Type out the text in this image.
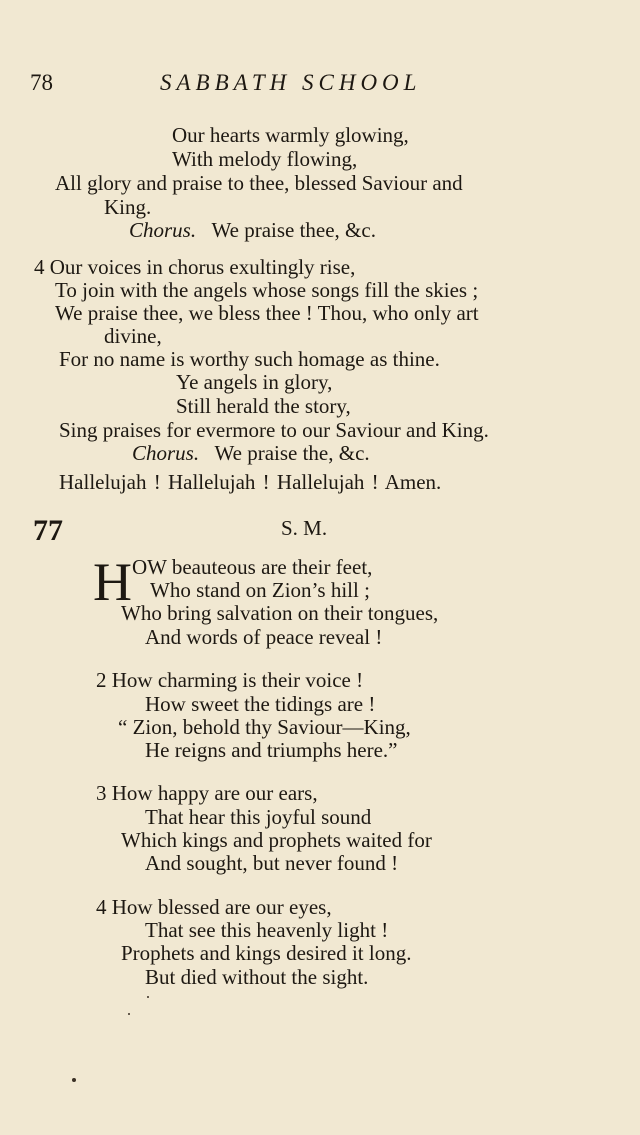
78	SABBATH SCHOOL
Our hearts warmly glowing,
With melody flowing,
All glory and praise to thee, blessed Saviour and
King.
Chorus. We praise thee, &c.
4 Our voices in chorus exultingly rise,
To join with the angels whose songs fill the skies ;
We praise thee, we bless thee ! Thou, who only art
divine,
For no name is worthy such homage as thine.
Ye angels in glory,
Still herald the story,
Sing praises for evermore to our Saviour and King.
Chorus. We praise the, &c.
Hallelujah ! Hallelujah ! Hallelujah ! Amen.
77	S. M.
H OW beauteous are their feet,
Who stand on Zion’s hill ;
Who bring salvation on their tongues,
And words of peace reveal !
2 How charming is their voice !
How sweet the tidings are !
“ Zion, behold thy Saviour—King,
He reigns and triumphs here.”
3 How happy are our ears,
That hear this joyful sound
Which kings and prophets waited for
And sought, but never found !
4 How blessed are our eyes,
That see this heavenly light !
Prophets and kings desired it long.
But died without the sight.
